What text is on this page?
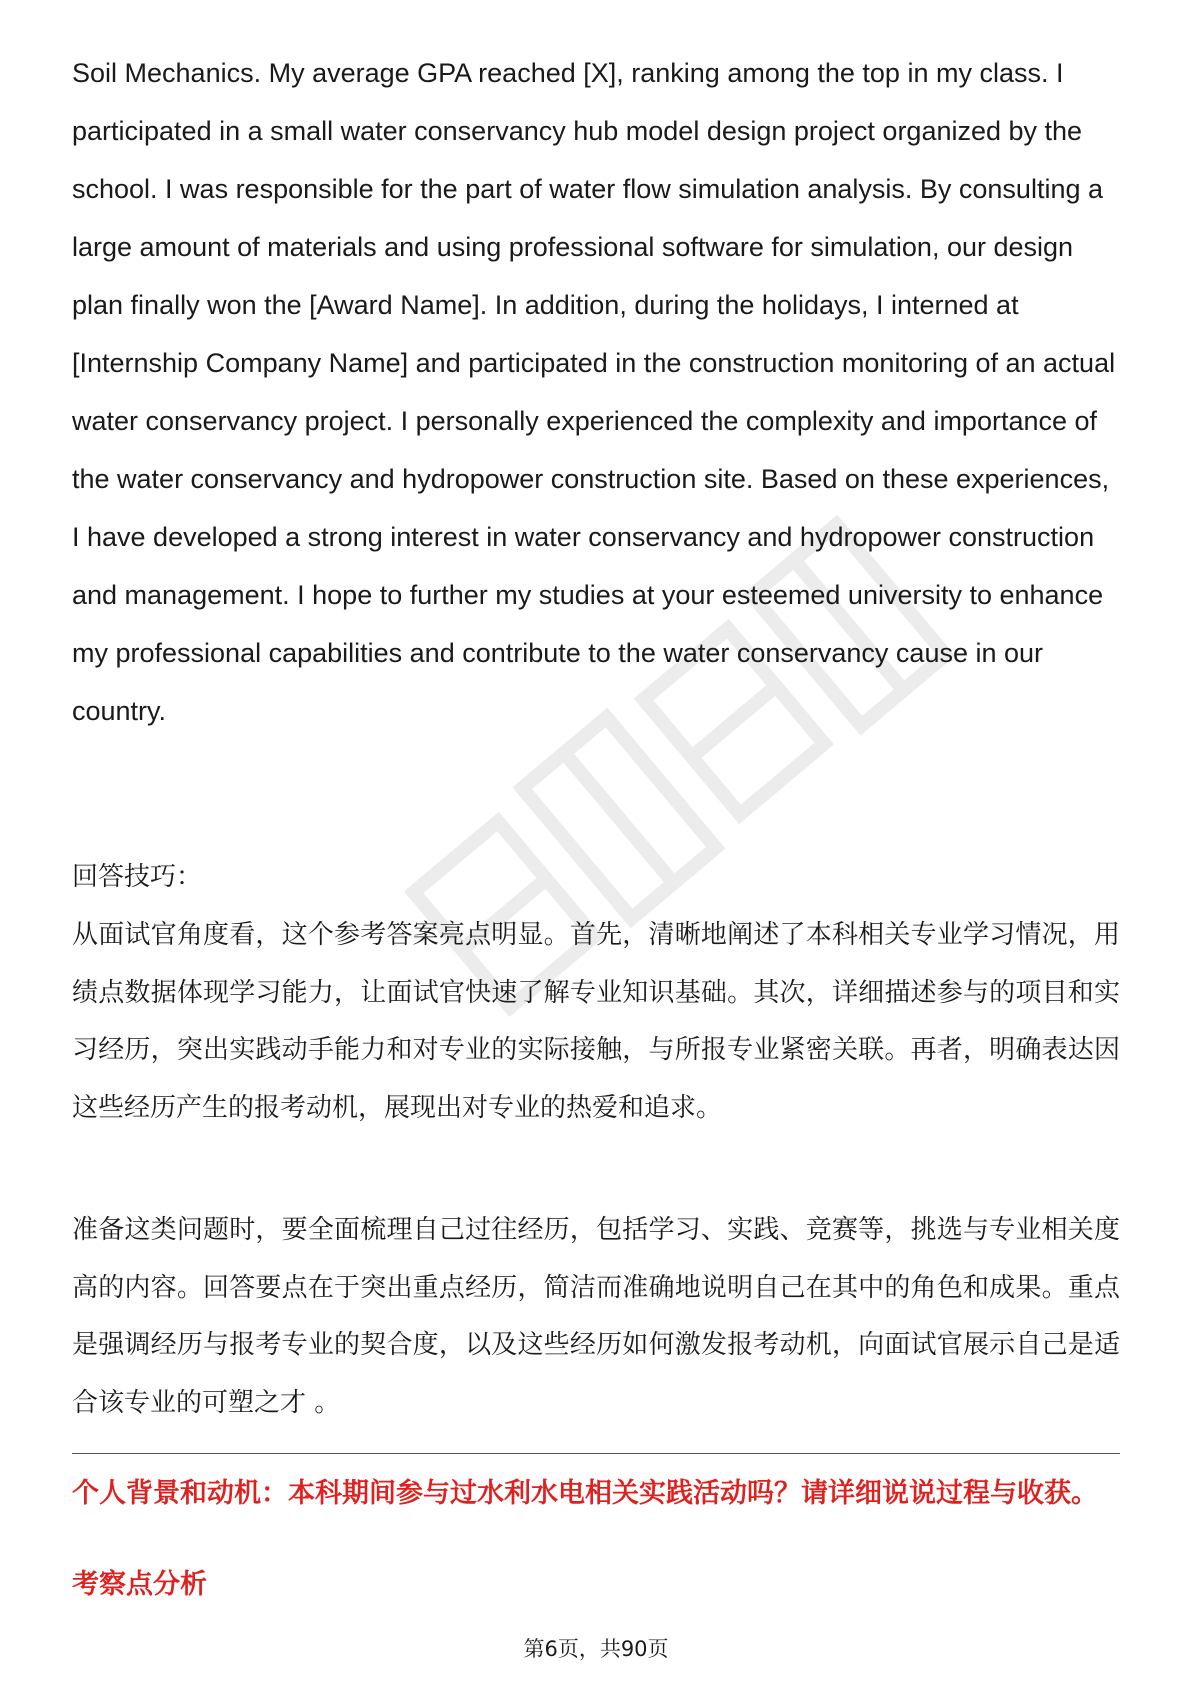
Soil Mechanics. My average GPA reached [X], ranking among the top in my class. I participated in a small water conservancy hub model design project organized by the school. I was responsible for the part of water flow simulation analysis. By consulting a large amount of materials and using professional software for simulation, our design plan finally won the [Award Name]. In addition, during the holidays, I interned at [Internship Company Name] and participated in the construction monitoring of an actual water conservancy project. I personally experienced the complexity and importance of the water conservancy and hydropower construction site. Based on these experiences, I have developed a strong interest in water conservancy and hydropower construction and management. I hope to further my studies at your esteemed university to enhance my professional capabilities and contribute to the water conservancy cause in our country.

回答技巧：

从面试官角度看，这个参考答案亮点明显。首先，清晰地阐述了本科相关专业学习情况，用绩点数据体现学习能力，让面试官快速了解专业知识基础。其次，详细描述参与的项目和实习经历，突出实践动手能力和对专业的实际接触，与所报专业紧密关联。再者，明确表达因这些经历产生的报考动机，展现出对专业的热爱和追求。

准备这类问题时，要全面梳理自己过往经历，包括学习、实践、竞赛等，挑选与专业相关度高的内容。回答要点在于突出重点经历，简洁而准确地说明自己在其中的角色和成果。重点是强调经历与报考专业的契合度，以及这些经历如何激发报考动机，向面试官展示自己是适合该专业的可塑之才 。

个人背景和动机：本科期间参与过水利水电相关实践活动吗？请详细说说过程与收获。

考察点分析

第6页，共90页
